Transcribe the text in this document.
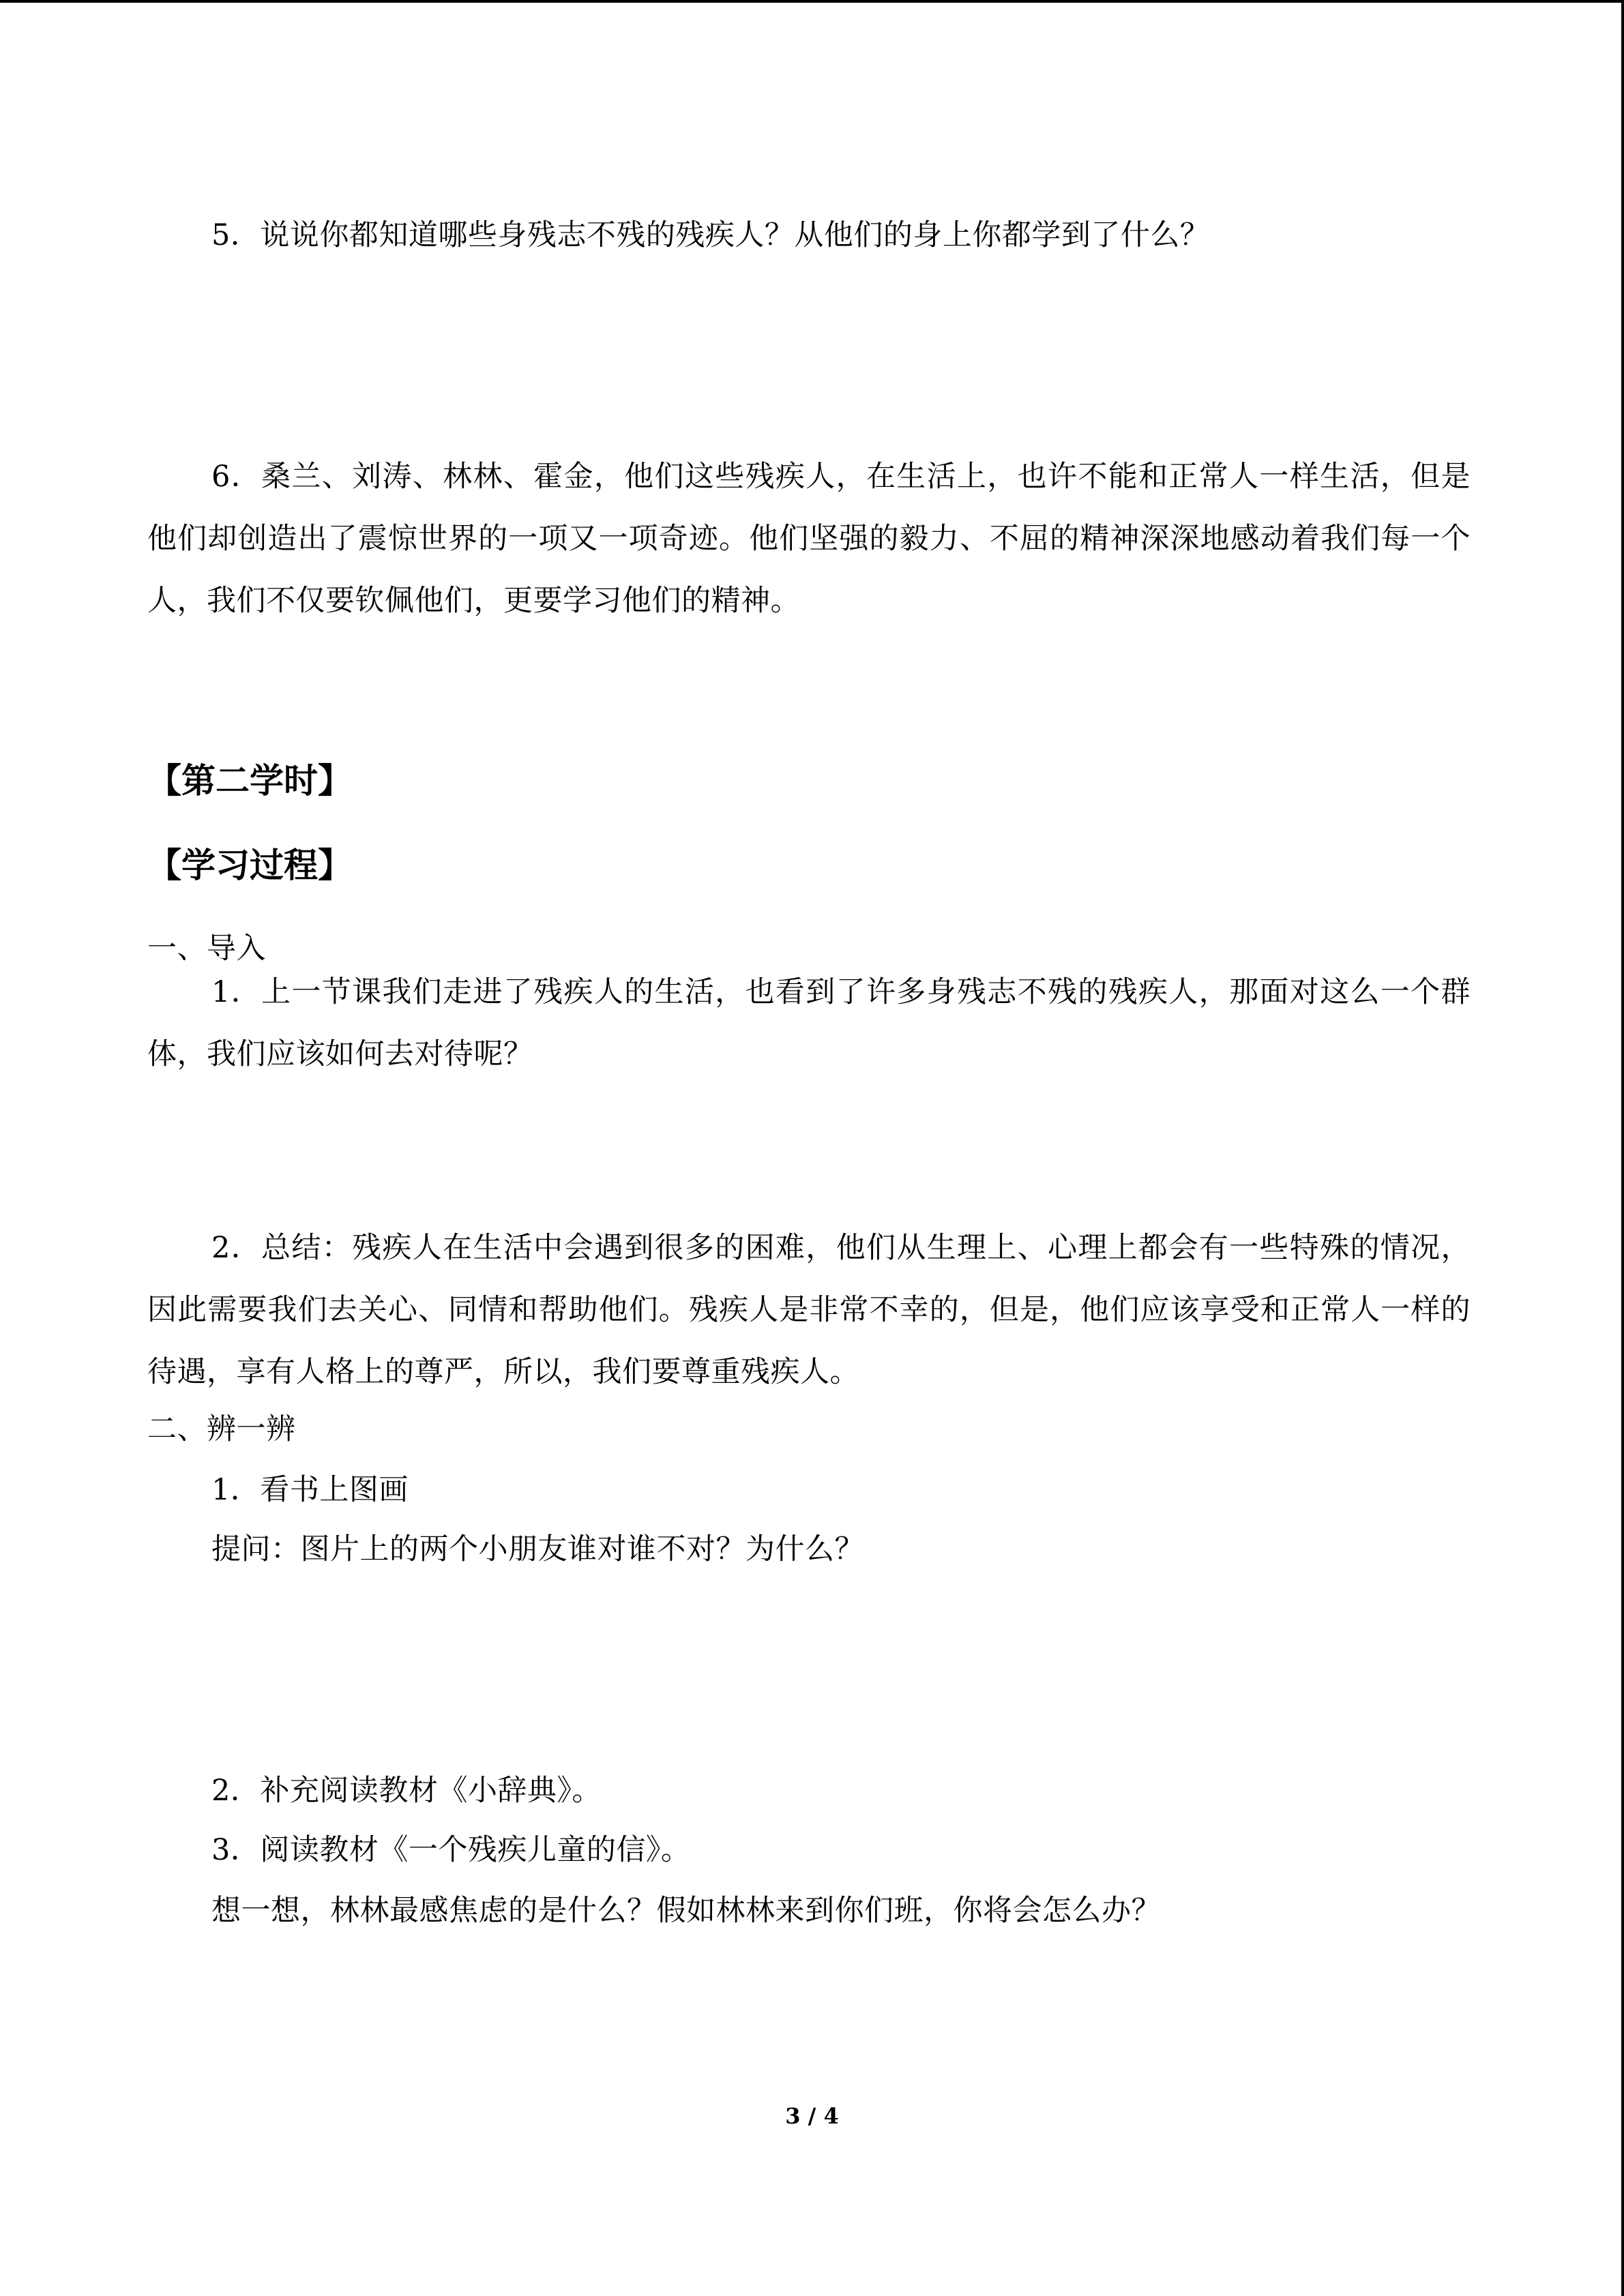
5．说说你都知道哪些身残志不残的残疾人？从他们的身上你都学到了什么？
6．桑兰、刘涛、林林、霍金，他们这些残疾人，在生活上，也许不能和正常人一样生活，但是他们却创造出了震惊世界的一项又一项奇迹。他们坚强的毅力、不屈的精神深深地感动着我们每一个人，我们不仅要钦佩他们，更要学习他们的精神。
【第二学时】
【学习过程】
一、导入
1．上一节课我们走进了残疾人的生活，也看到了许多身残志不残的残疾人，那面对这么一个群体，我们应该如何去对待呢？
2．总结：残疾人在生活中会遇到很多的困难，他们从生理上、心理上都会有一些特殊的情况，因此需要我们去关心、同情和帮助他们。残疾人是非常不幸的，但是，他们应该享受和正常人一样的待遇，享有人格上的尊严，所以，我们要尊重残疾人。
二、辨一辨
1．看书上图画
提问：图片上的两个小朋友谁对谁不对？为什么？
2．补充阅读教材《小辞典》。
3．阅读教材《一个残疾儿童的信》。
想一想，林林最感焦虑的是什么？假如林林来到你们班，你将会怎么办？
3 / 4
